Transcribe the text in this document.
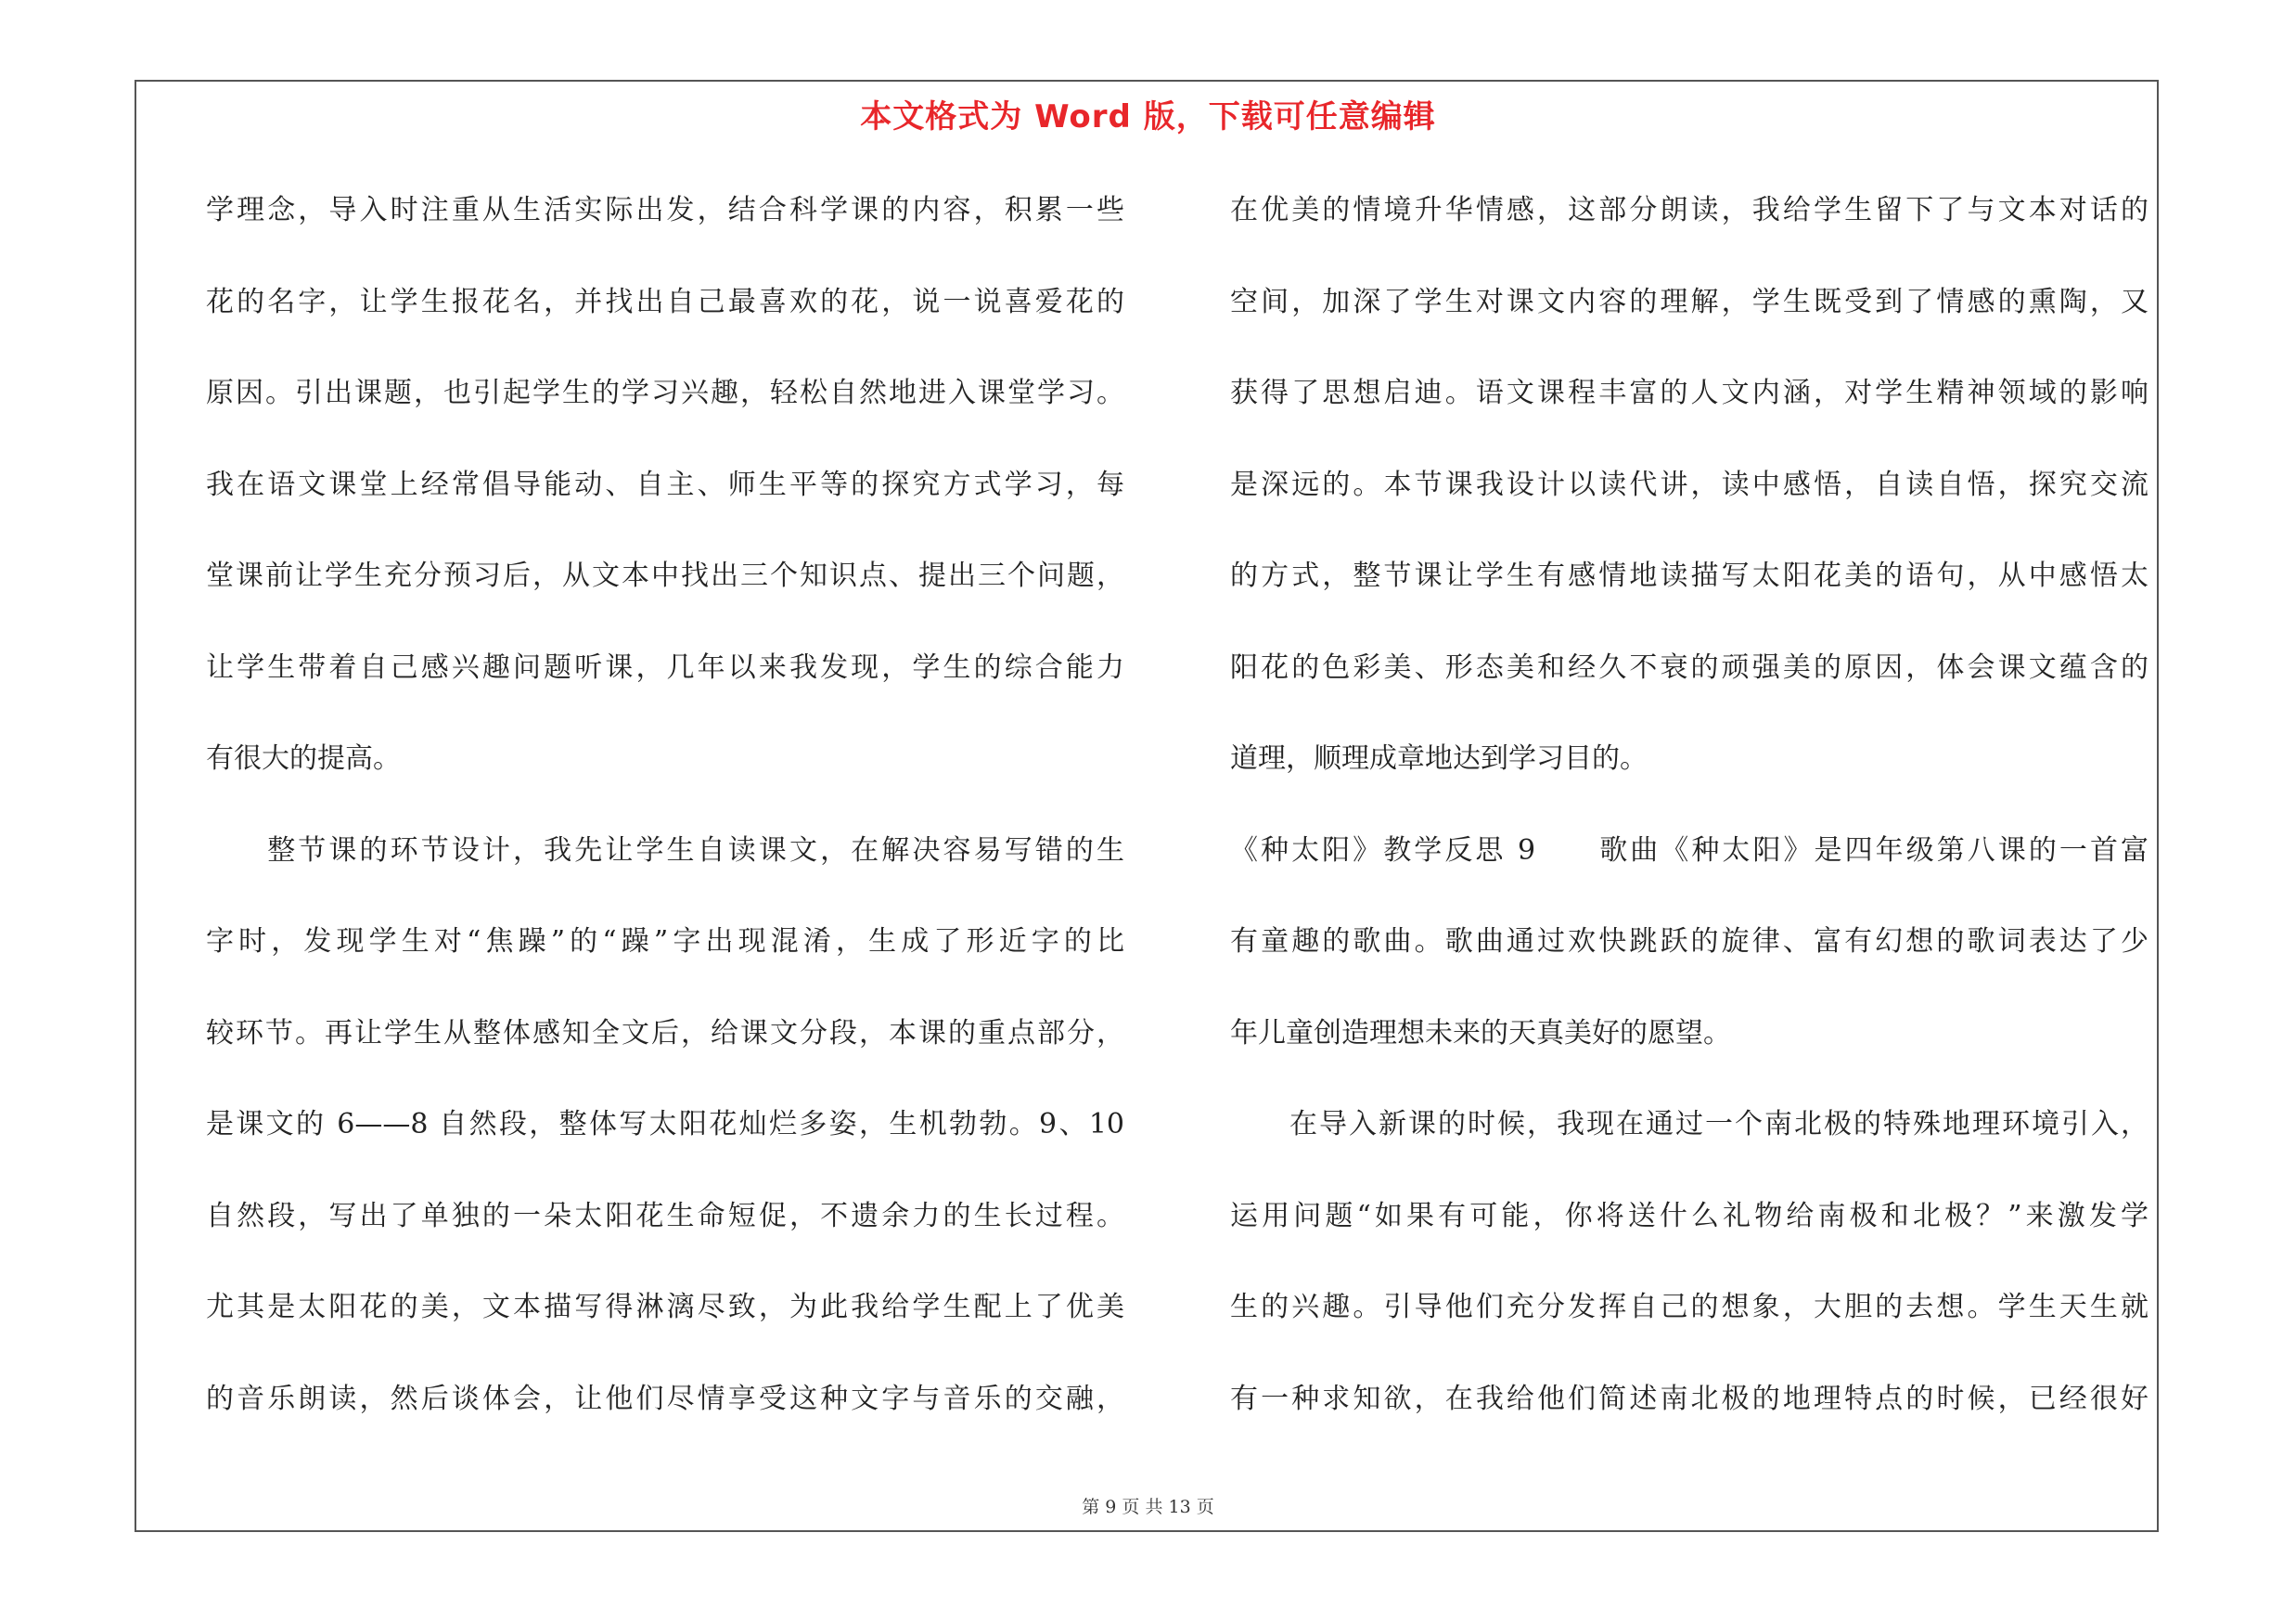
本文格式为 Word 版，下载可任意编辑
学理念，导入时注重从生活实际出发，结合科学课的内容，积累一些
花的名字，让学生报花名，并找出自己最喜欢的花，说一说喜爱花的
原因。引出课题，也引起学生的学习兴趣，轻松自然地进入课堂学习。
我在语文课堂上经常倡导能动、自主、师生平等的探究方式学习，每
堂课前让学生充分预习后，从文本中找出三个知识点、提出三个问题，
让学生带着自己感兴趣问题听课，几年以来我发现，学生的综合能力
有很大的提高。
　　整节课的环节设计，我先让学生自读课文，在解决容易写错的生
字时，发现学生对“焦躁”的“躁”字出现混淆，生成了形近字的比
较环节。再让学生从整体感知全文后，给课文分段，本课的重点部分，
是课文的 6——8 自然段，整体写太阳花灿烂多姿，生机勃勃。9、10
自然段，写出了单独的一朵太阳花生命短促，不遗余力的生长过程。
尤其是太阳花的美，文本描写得淋漓尽致，为此我给学生配上了优美
的音乐朗读，然后谈体会，让他们尽情享受这种文字与音乐的交融，
在优美的情境升华情感，这部分朗读，我给学生留下了与文本对话的
空间，加深了学生对课文内容的理解，学生既受到了情感的熏陶，又
获得了思想启迪。语文课程丰富的人文内涵，对学生精神领域的影响
是深远的。本节课我设计以读代讲，读中感悟，自读自悟，探究交流
的方式，整节课让学生有感情地读描写太阳花美的语句，从中感悟太
阳花的色彩美、形态美和经久不衰的顽强美的原因，体会课文蕴含的
道理，顺理成章地达到学习目的。
《种太阳》教学反思 9　　歌曲《种太阳》是四年级第八课的一首富
有童趣的歌曲。歌曲通过欢快跳跃的旋律、富有幻想的歌词表达了少
年儿童创造理想未来的天真美好的愿望。
　　在导入新课的时候，我现在通过一个南北极的特殊地理环境引入，
运用问题“如果有可能，你将送什么礼物给南极和北极？”来激发学
生的兴趣。引导他们充分发挥自己的想象，大胆的去想。学生天生就
有一种求知欲，在我给他们简述南北极的地理特点的时候，已经很好
第 9 页 共 13 页
